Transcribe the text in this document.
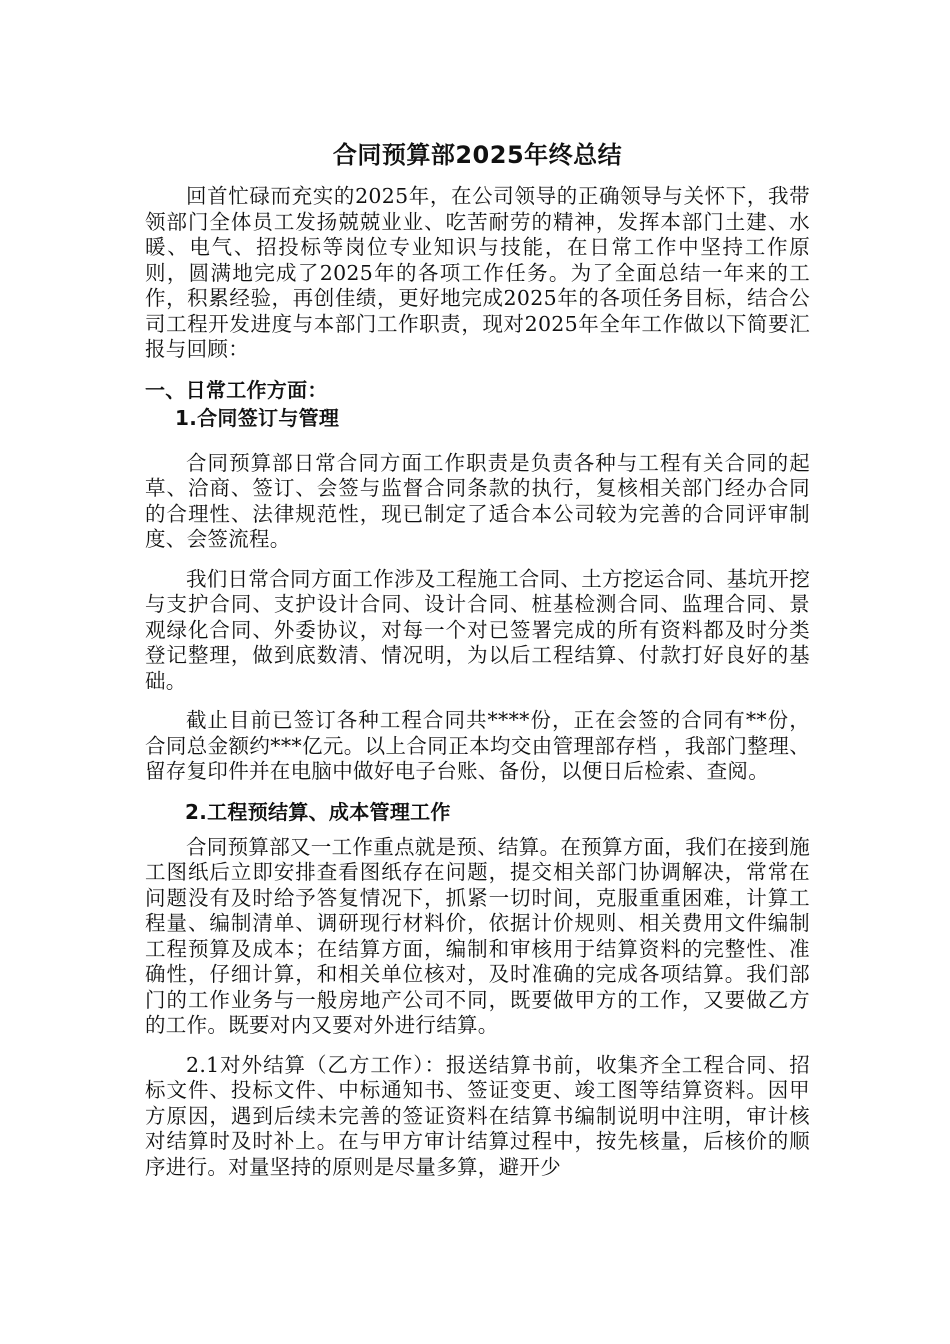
合同预算部2025年终总结

回首忙碌而充实的2025年，在公司领导的正确领导与关怀下，我带领部门全体员工发扬兢兢业业、吃苦耐劳的精神，发挥本部门土建、水暖、电气、招投标等岗位专业知识与技能，在日常工作中坚持工作原则，圆满地完成了2025年的各项工作任务。为了全面总结一年来的工作，积累经验，再创佳绩，更好地完成2025年的各项任务目标，结合公司工程开发进度与本部门工作职责，现对2025年全年工作做以下简要汇报与回顾：

一、日常工作方面：
1.合同签订与管理

合同预算部日常合同方面工作职责是负责各种与工程有关合同的起草、洽商、签订、会签与监督合同条款的执行，复核相关部门经办合同的合理性、法律规范性，现已制定了适合本公司较为完善的合同评审制度、会签流程。

我们日常合同方面工作涉及工程施工合同、土方挖运合同、基坑开挖与支护合同、支护设计合同、设计合同、桩基检测合同、监理合同、景观绿化合同、外委协议，对每一个对已签署完成的所有资料都及时分类登记整理，做到底数清、情况明，为以后工程结算、付款打好良好的基础。

截止目前已签订各种工程合同共****份，正在会签的合同有**份，合同总金额约***亿元。以上合同正本均交由管理部存档 ，我部门整理、留存复印件并在电脑中做好电子台账、备份，以便日后检索、查阅。

2.工程预结算、成本管理工作

合同预算部又一工作重点就是预、结算。在预算方面，我们在接到施工图纸后立即安排查看图纸存在问题，提交相关部门协调解决，常常在问题没有及时给予答复情况下，抓紧一切时间，克服重重困难，计算工程量、编制清单、调研现行材料价，依据计价规则、相关费用文件编制工程预算及成本；在结算方面，编制和审核用于结算资料的完整性、准确性，仔细计算，和相关单位核对，及时准确的完成各项结算。我们部门的工作业务与一般房地产公司不同，既要做甲方的工作，又要做乙方的工作。既要对内又要对外进行结算。

2.1对外结算（乙方工作）：报送结算书前，收集齐全工程合同、招标文件、投标文件、中标通知书、签证变更、竣工图等结算资料。因甲方原因，遇到后续未完善的签证资料在结算书编制说明中注明，审计核对结算时及时补上。在与甲方审计结算过程中，按先核量，后核价的顺序进行。对量坚持的原则是尽量多算，避开少
